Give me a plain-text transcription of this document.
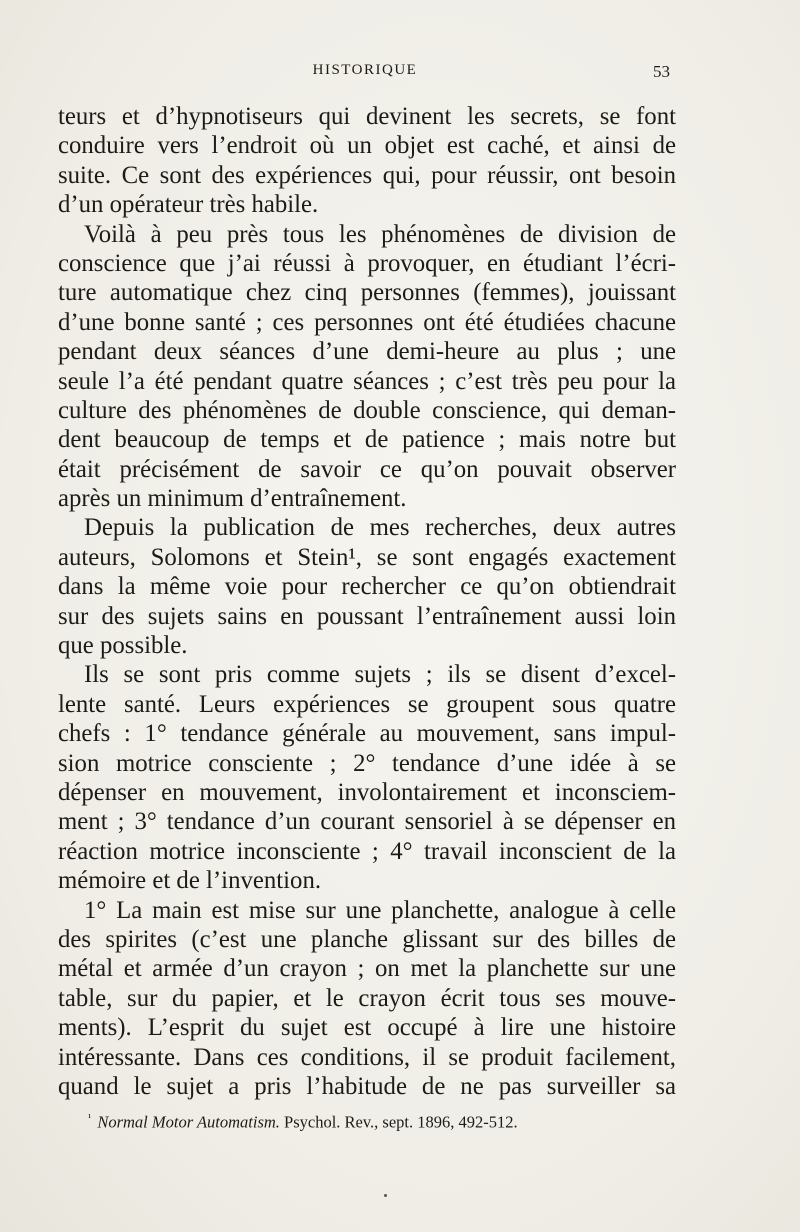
HISTORIQUE	53
teurs et d’hypnotiseurs qui devinent les secrets, se font
conduire vers l’endroit où un objet est caché, et ainsi de
suite. Ce sont des expériences qui, pour réussir, ont besoin
d’un opérateur très habile.
Voilà à peu près tous les phénomènes de division de
conscience que j’ai réussi à provoquer, en étudiant l’écri-
ture automatique chez cinq personnes (femmes), jouissant
d’une bonne santé ; ces personnes ont été étudiées chacune
pendant deux séances d’une demi-heure au plus ; une
seule l’a été pendant quatre séances ; c’est très peu pour la
culture des phénomènes de double conscience, qui deman-
dent beaucoup de temps et de patience ; mais notre but
était précisément de savoir ce qu’on pouvait observer
après un minimum d’entraînement.
Depuis la publication de mes recherches, deux autres
auteurs, Solomons et Stein¹, se sont engagés exactement
dans la même voie pour rechercher ce qu’on obtiendrait
sur des sujets sains en poussant l’entraînement aussi loin
que possible.
Ils se sont pris comme sujets ; ils se disent d’excel-
lente santé. Leurs expériences se groupent sous quatre
chefs : 1° tendance générale au mouvement, sans impul-
sion motrice consciente ; 2° tendance d’une idée à se
dépenser en mouvement, involontairement et inconsciem-
ment ; 3° tendance d’un courant sensoriel à se dépenser en
réaction motrice inconsciente ; 4° travail inconscient de la
mémoire et de l’invention.
1° La main est mise sur une planchette, analogue à celle
des spirites (c’est une planche glissant sur des billes de
métal et armée d’un crayon ; on met la planchette sur une
table, sur du papier, et le crayon écrit tous ses mouve-
ments). L’esprit du sujet est occupé à lire une histoire
intéressante. Dans ces conditions, il se produit facilement,
quand le sujet a pris l’habitude de ne pas surveiller sa
$^{^1}$ Normal Motor Automatism. Psychol. Rev., sept. 1896, 492-512.
